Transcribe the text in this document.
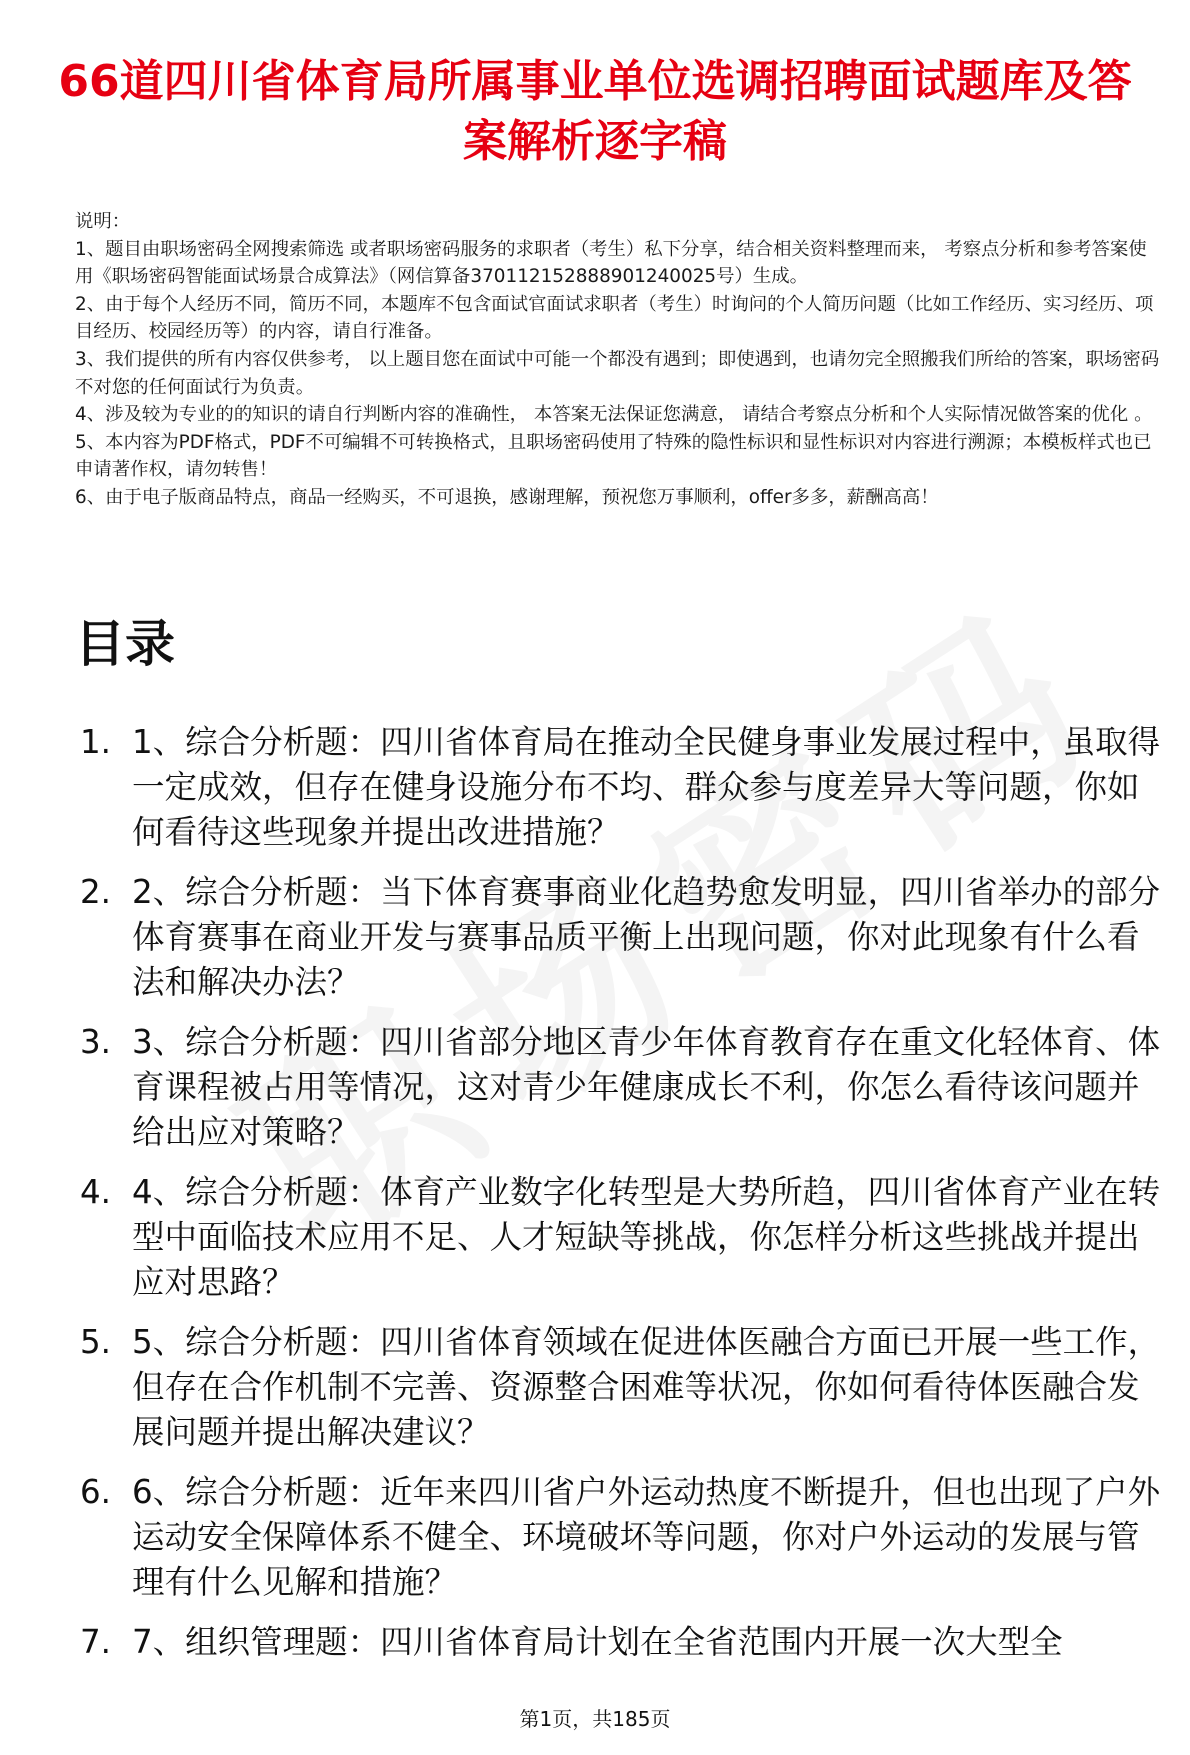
66道四川省体育局所属事业单位选调招聘面试题库及答案解析逐字稿

说明：

1、题目由职场密码全网搜索筛选 或者职场密码服务的求职者（考生）私下分享，结合相关资料整理而来， 考察点分析和参考答案使用《职场密码智能面试场景合成算法》（网信算备370112152888901240025号）生成。

2、由于每个人经历不同，简历不同，本题库不包含面试官面试求职者（考生）时询问的个人简历问题（比如工作经历、实习经历、项目经历、校园经历等）的内容，请自行准备。

3、我们提供的所有内容仅供参考， 以上题目您在面试中可能一个都没有遇到；即使遇到，也请勿完全照搬我们所给的答案，职场密码不对您的任何面试行为负责。

4、涉及较为专业的的知识的请自行判断内容的准确性， 本答案无法保证您满意， 请结合考察点分析和个人实际情况做答案的优化 。

5、本内容为PDF格式，PDF不可编辑不可转换格式，且职场密码使用了特殊的隐性标识和显性标识对内容进行溯源；本模板样式也已申请著作权，请勿转售！

6、由于电子版商品特点，商品一经购买，不可退换，感谢理解，预祝您万事顺利，offer多多，薪酬高高！

目录
1. 1、综合分析题：四川省体育局在推动全民健身事业发展过程中，虽取得一定成效，但存在健身设施分布不均、群众参与度差异大等问题，你如何看待这些现象并提出改进措施？
2. 2、综合分析题：当下体育赛事商业化趋势愈发明显，四川省举办的部分体育赛事在商业开发与赛事品质平衡上出现问题，你对此现象有什么看法和解决办法？
3. 3、综合分析题：四川省部分地区青少年体育教育存在重文化轻体育、体育课程被占用等情况，这对青少年健康成长不利，你怎么看待该问题并给出应对策略？
4. 4、综合分析题：体育产业数字化转型是大势所趋，四川省体育产业在转型中面临技术应用不足、人才短缺等挑战，你怎样分析这些挑战并提出应对思路？
5. 5、综合分析题：四川省体育领域在促进体医融合方面已开展一些工作，但存在合作机制不完善、资源整合困难等状况，你如何看待体医融合发展问题并提出解决建议？
6. 6、综合分析题：近年来四川省户外运动热度不断提升，但也出现了户外运动安全保障体系不健全、环境破坏等问题，你对户外运动的发展与管理有什么见解和措施？
7. 7、组织管理题：四川省体育局计划在全省范围内开展一次大型全
第1页，共185页
